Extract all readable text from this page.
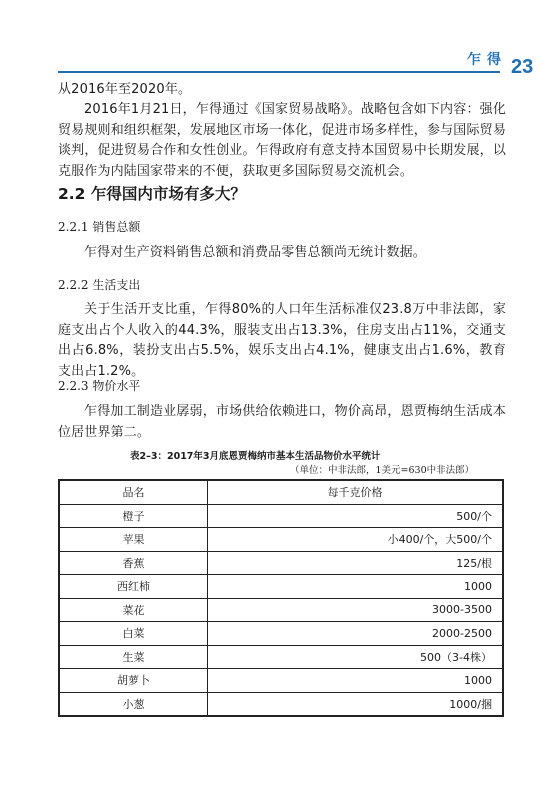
乍得 23
从2016年至2020年。
2016年1月21日，乍得通过《国家贸易战略》。战略包含如下内容：强化贸易规则和组织框架，发展地区市场一体化，促进市场多样性，参与国际贸易谈判，促进贸易合作和女性创业。乍得政府有意支持本国贸易中长期发展，以克服作为内陆国家带来的不便，获取更多国际贸易交流机会。
2.2 乍得国内市场有多大？
2.2.1 销售总额
乍得对生产资料销售总额和消费品零售总额尚无统计数据。
2.2.2 生活支出
关于生活开支比重，乍得80%的人口年生活标准仅23.8万中非法郎，家庭支出占个人收入的44.3%，服装支出占13.3%，住房支出占11%，交通支出占6.8%，装扮支出占5.5%，娱乐支出占4.1%，健康支出占1.6%，教育支出占1.2%。
2.2.3 物价水平
乍得加工制造业孱弱，市场供给依赖进口，物价高昂，恩贾梅纳生活成本位居世界第二。
表2–3：2017年3月底恩贾梅纳市基本生活品物价水平统计
（单位：中非法郎，1美元=630中非法郎）
品名	每千克价格
橙子	500/个
苹果	小400/个，大500/个
香蕉	125/根
西红柿	1000
菜花	3000-3500
白菜	2000-2500
生菜	500（3-4株）
胡萝卜	1000
小葱	1000/捆
